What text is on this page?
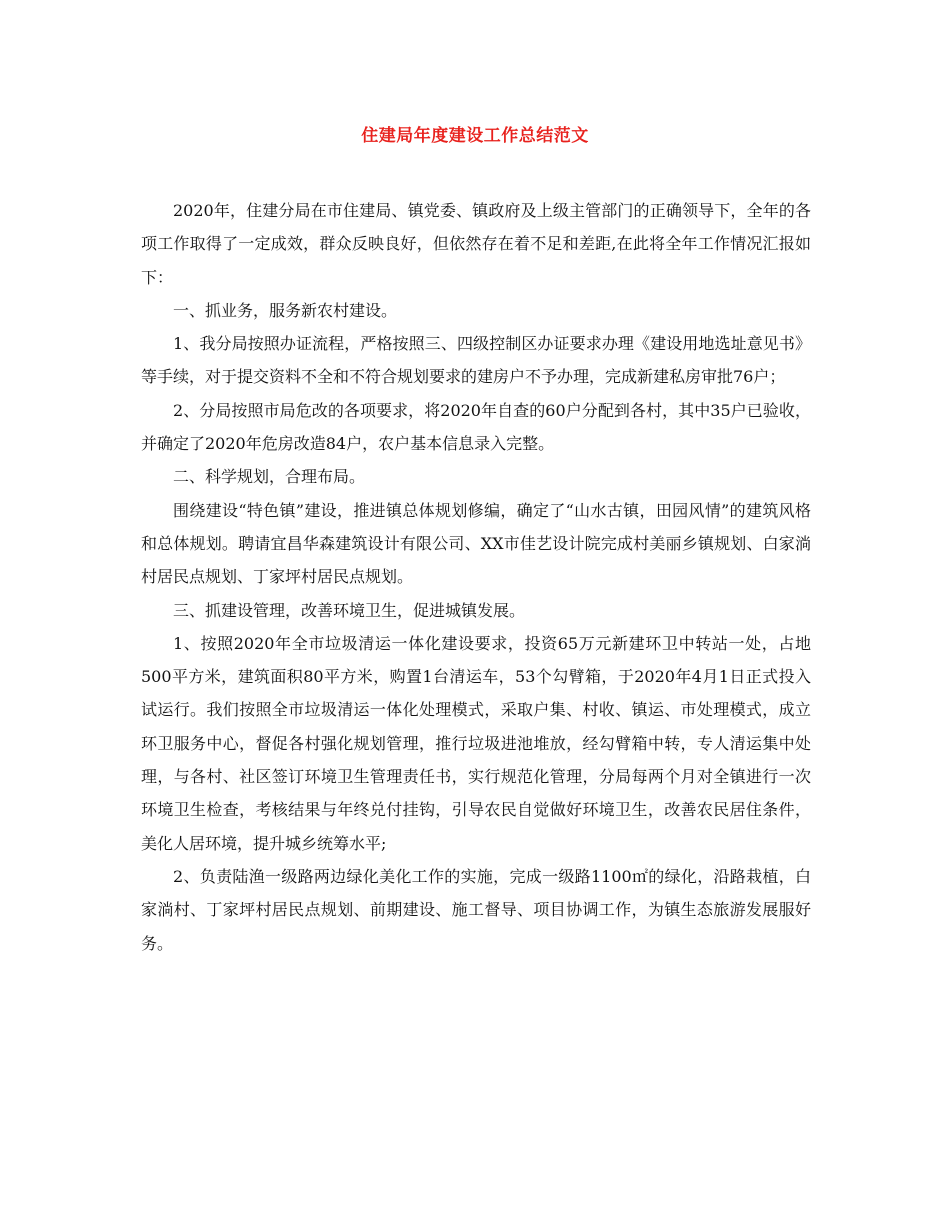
住建局年度建设工作总结范文

2020年，住建分局在市住建局、镇党委、镇政府及上级主管部门的正确领导下，全年的各项工作取得了一定成效，群众反映良好，但依然存在着不足和差距,在此将全年工作情况汇报如下：

一、抓业务，服务新农村建设。

1、我分局按照办证流程，严格按照三、四级控制区办证要求办理《建设用地选址意见书》等手续，对于提交资料不全和不符合规划要求的建房户不予办理，完成新建私房审批76户；

2、分局按照市局危改的各项要求，将2020年自查的60户分配到各村，其中35户已验收，并确定了2020年危房改造84户，农户基本信息录入完整。

二、科学规划，合理布局。

围绕建设“特色镇”建设，推进镇总体规划修编，确定了“山水古镇，田园风情”的建筑风格和总体规划。聘请宜昌华森建筑设计有限公司、XX市佳艺设计院完成村美丽乡镇规划、白家淌村居民点规划、丁家坪村居民点规划。

三、抓建设管理，改善环境卫生，促进城镇发展。

1、按照2020年全市垃圾清运一体化建设要求，投资65万元新建环卫中转站一处，占地500平方米，建筑面积80平方米，购置1台清运车，53个勾臂箱，于2020年4月1日正式投入试运行。我们按照全市垃圾清运一体化处理模式，采取户集、村收、镇运、市处理模式，成立环卫服务中心，督促各村强化规划管理，推行垃圾进池堆放，经勾臂箱中转，专人清运集中处理，与各村、社区签订环境卫生管理责任书，实行规范化管理，分局每两个月对全镇进行一次环境卫生检查，考核结果与年终兑付挂钩，引导农民自觉做好环境卫生，改善农民居住条件，美化人居环境，提升城乡统筹水平;

2、负责陆渔一级路两边绿化美化工作的实施，完成一级路1100㎡的绿化，沿路栽植，白家淌村、丁家坪村居民点规划、前期建设、施工督导、项目协调工作，为镇生态旅游发展服好务。
